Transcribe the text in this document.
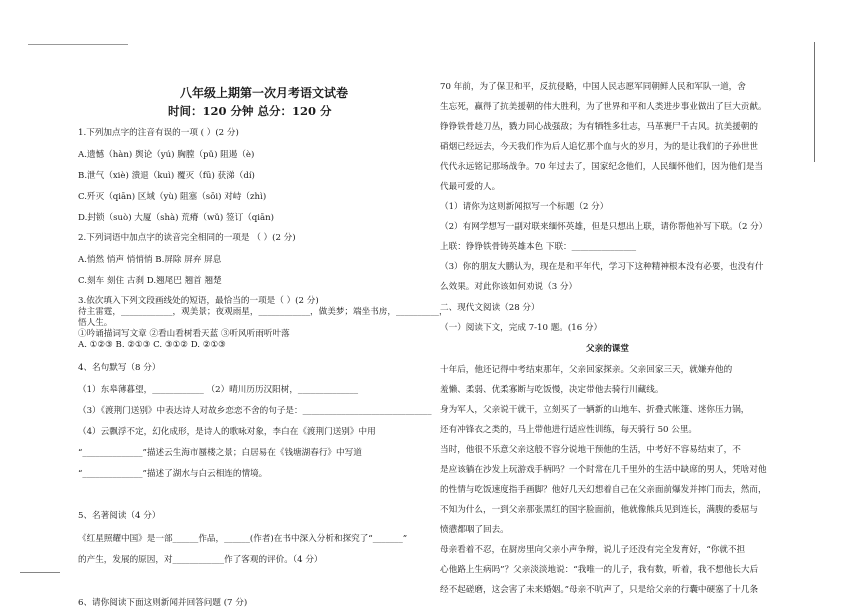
八年级上期第一次月考语文试卷
时间：120 分钟 总分：120 分
1.下列加点字的注音有误的一项 ( ）(2 分)
A.遗憾（hàn) 舆论（yú) 胸膛（pǔ) 阻遏（è)
B.泄气（xiè) 溃退（kuì) 覆灭（fū) 获涕（dí)
C.歼灭（qiān) 区域（yù) 阻塞（sōi) 对峙（zhì)
D.封锁（suò) 大厦（shà) 荒瘠（wǔ) 签订（qiān)
2.下列词语中加点字的读音完全相同的一项是 （ ）(2 分)
A.悄然 悄声 悄悄悄 B.屏除 屏弃 屏息
C.刻车 刻住 古刹 D.翘尾巴 翘首 翘楚
3.依次填入下列文段画线处的短语，最恰当的一项是（ ）(2 分)
待主雷霆，____________，观美景；夜观雨星，____________，做美梦；端坐书房，__________，
悟人生。
①吟诵描词写文章 ②看山看树看天蓝 ③听风听雨听叶落
A. ①②③ B. ②①③ C. ③①② D. ②①③
4、名句默写（8 分）
（1）东皋薄暮望，____________ （2）晴川历历汉阳树，______________
（3）《渡荆门送别》中表达诗人对故乡恋恋不舍的句子是：______________________________
（4）云飘浮不定，幻化成形，是诗人的歌咏对象，李白在《渡荆门送别》中用
“______________”描述云生海市蜃楼之景；白居易在《钱塘湖春行》中写道
“______________”描述了湖水与白云相连的情境。
5、名著阅读（4 分）
《红星照耀中国》是一部______作品，______(作者)在书中深入分析和探究了“_______”
的产生，发展的原因，对____________作了客观的评价。（4 分）
6、请你阅读下面这则新闻并回答问题 (7 分)
70 年前，为了保卫和平，反抗侵略，中国人民志愿军同朝鲜人民和军队一道，舍
生忘死，赢得了抗美援朝的伟大胜利，为了世界和平和人类进步事业做出了巨大贡献。
铮铮铁骨趁刀丛，戮力同心战强敌；为有牺牲多壮志，马革裹尸千古风。抗美援朝的
硝烟已经远去，今天我们作为后人追忆那个血与火的岁月，为的是让我们的子孙世世
代代永远铭记那场战争。70 年过去了，国家纪念他们，人民缅怀他们，因为他们是当
代最可爱的人。
（1）请你为这则新闻拟写一个标题（2 分）
（2）有网学想写一副对联来缅怀英雄，但是只想出上联，请你帮他补写下联。（2 分）
上联：铮铮铁骨铸英雄本色 下联：_______________
（3）你的朋友大鹏认为，现在是和平年代，学习下这种精神根本没有必要，也没有什
么效果。对此你该如何劝说（3 分）
二、现代文阅读（28 分）
（一）阅读下文，完成 7-10 题。(16 分）
父亲的课堂
十年后，他还记得中考结束那年，父亲回家探亲。父亲回家三天，就嫌弃他的
羞懒、柔弱、优柔寡断与吃饭慢，决定带他去骑行川藏线。
身为军人，父亲说干就干，立刻买了一辆新的山地车、折叠式帐篷、迷你压力锅，
还有冲锋衣之类的，马上带他进行适应性训练，每天骑行 50 公里。
当时，他很不乐意父亲这般不容分说地干预他的生活，中考好不容易结束了，不
是应该躺在沙发上玩游戏手柄吗？一个时常在几千里外的生活中缺席的男人，凭啥对他
的性情与吃饭速度指手画脚？他好几天幻想着自己在父亲面前爆发并摔门而去，然而，
不知为什么，一到父亲那张黑红的国字脸面前，他就像熊兵见到连长，满腹的委屈与
愤懑都咽了回去。
母亲看着不忍，在厨房里向父亲小声争辩，说儿子还没有完全发育好，“你就不担
心他路上生病吗”？父亲淡淡地说：“我唯一的儿子，我有数，听着，我不想他长大后
经不起磋磨，这会害了未来婚姻。”母亲不吭声了，只是给父亲的行囊中硬塞了十几条
